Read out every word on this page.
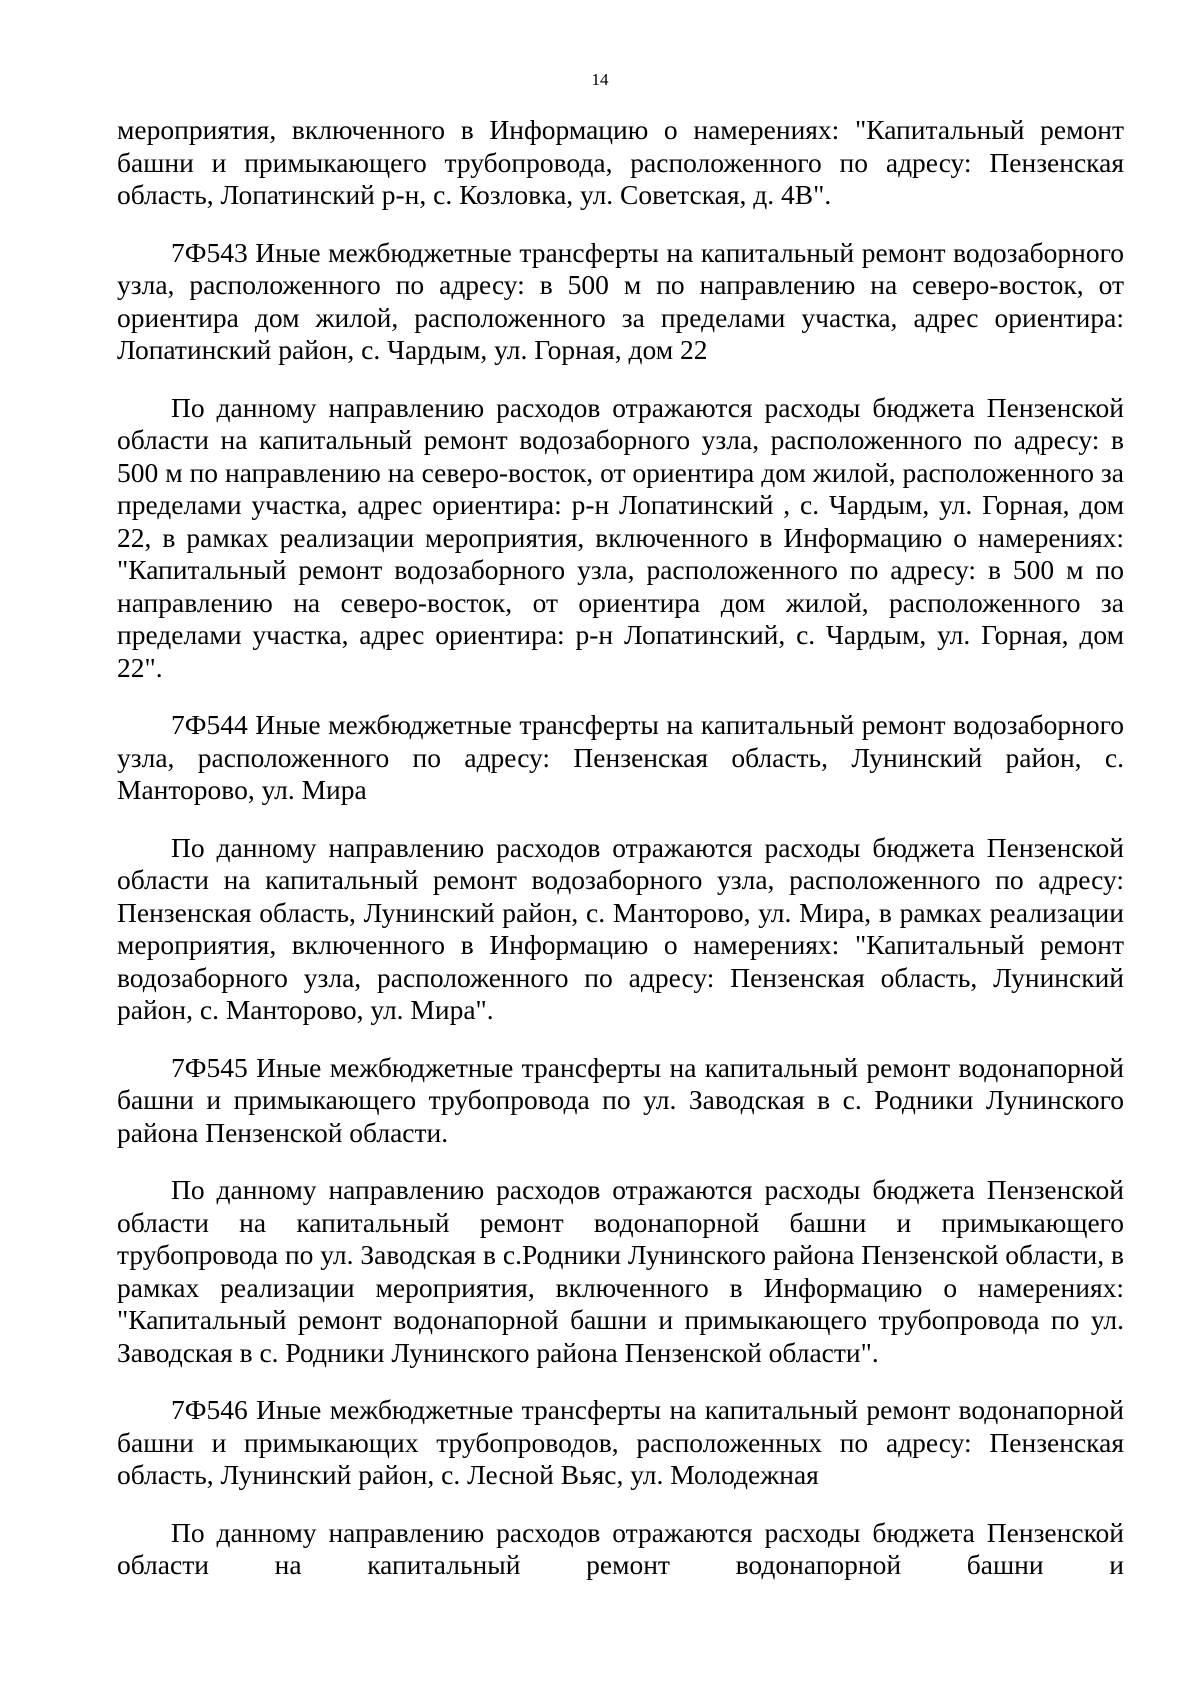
14

мероприятия, включенного в Информацию о намерениях: "Капитальный ремонт башни и примыкающего трубопровода, расположенного по адресу: Пензенская область, Лопатинский р-н, с. Козловка, ул. Советская, д. 4В".

7Ф543 Иные межбюджетные трансферты на капитальный ремонт водозаборного узла, расположенного по адресу: в 500 м по направлению на северо-восток, от ориентира дом жилой, расположенного за пределами участка, адрес ориентира: Лопатинский район, с. Чардым, ул. Горная, дом 22

По данному направлению расходов отражаются расходы бюджета Пензенской области на капитальный ремонт водозаборного узла, расположенного по адресу: в 500 м по направлению на северо-восток, от ориентира дом жилой, расположенного за пределами участка, адрес ориентира: р-н Лопатинский , с. Чардым, ул. Горная, дом 22, в рамках реализации мероприятия, включенного в Информацию о намерениях: "Капитальный ремонт водозаборного узла, расположенного по адресу: в 500 м по направлению на северо-восток, от ориентира дом жилой, расположенного за пределами участка, адрес ориентира: р-н Лопатинский, с. Чардым, ул. Горная, дом 22".

7Ф544 Иные межбюджетные трансферты на капитальный ремонт водозаборного узла, расположенного по адресу: Пензенская область, Лунинский район, с. Манторово, ул. Мира

По данному направлению расходов отражаются расходы бюджета Пензенской области на капитальный ремонт водозаборного узла, расположенного по адресу: Пензенская область, Лунинский район, с. Манторово, ул. Мира, в рамках реализации мероприятия, включенного в Информацию о намерениях: "Капитальный ремонт водозаборного узла, расположенного по адресу: Пензенская область, Лунинский район, с. Манторово, ул. Мира".

7Ф545 Иные межбюджетные трансферты на капитальный ремонт водонапорной башни и примыкающего трубопровода по ул. Заводская в с. Родники Лунинского района Пензенской области.

По данному направлению расходов отражаются расходы бюджета Пензенской области на капитальный ремонт водонапорной башни и примыкающего трубопровода по ул. Заводская в с.Родники Лунинского района Пензенской области, в рамках реализации мероприятия, включенного в Информацию о намерениях: "Капитальный ремонт водонапорной башни и примыкающего трубопровода по ул. Заводская в с. Родники Лунинского района Пензенской области".

7Ф546 Иные межбюджетные трансферты на капитальный ремонт водонапорной башни и примыкающих трубопроводов, расположенных по адресу: Пензенская область, Лунинский район, с. Лесной Вьяс, ул. Молодежная

По данному направлению расходов отражаются расходы бюджета Пензенской области на капитальный ремонт водонапорной башни и
